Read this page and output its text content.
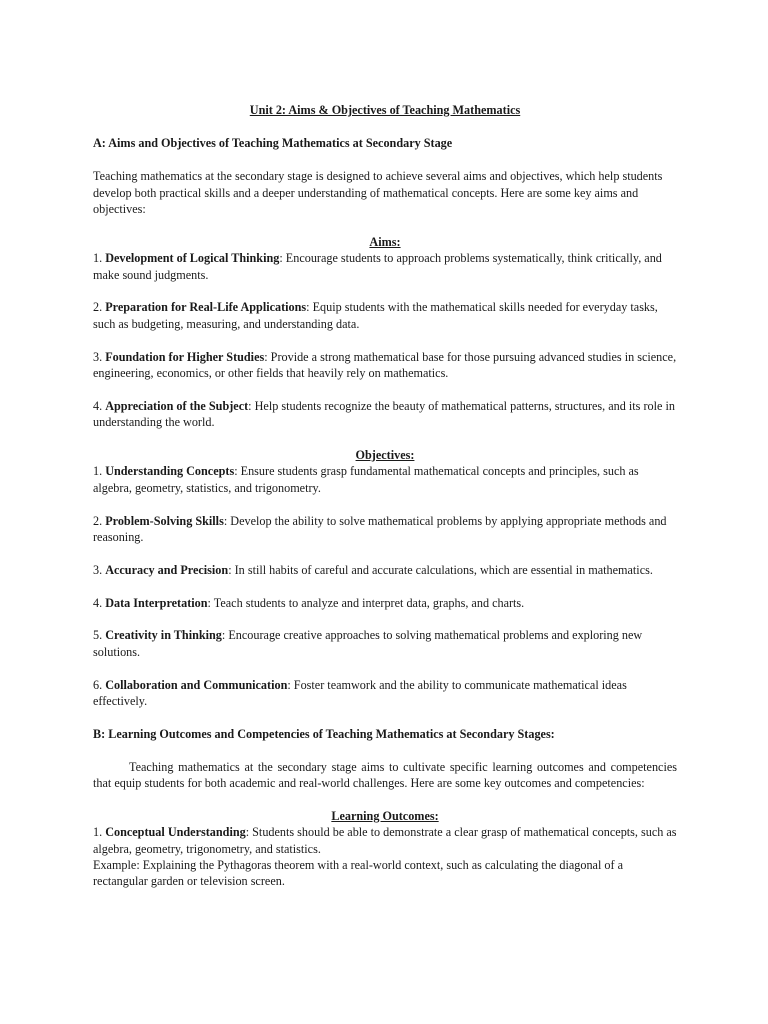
Unit 2: Aims & Objectives of Teaching Mathematics

A: Aims and Objectives of Teaching Mathematics at Secondary Stage

Teaching mathematics at the secondary stage is designed to achieve several aims and objectives, which help students develop both practical skills and a deeper understanding of mathematical concepts. Here are some key aims and objectives:

Aims:

1. Development of Logical Thinking: Encourage students to approach problems systematically, think critically, and make sound judgments.

2. Preparation for Real-Life Applications: Equip students with the mathematical skills needed for everyday tasks, such as budgeting, measuring, and understanding data.

3. Foundation for Higher Studies: Provide a strong mathematical base for those pursuing advanced studies in science, engineering, economics, or other fields that heavily rely on mathematics.

4. Appreciation of the Subject: Help students recognize the beauty of mathematical patterns, structures, and its role in understanding the world.

Objectives:

1. Understanding Concepts: Ensure students grasp fundamental mathematical concepts and principles, such as algebra, geometry, statistics, and trigonometry.

2. Problem-Solving Skills: Develop the ability to solve mathematical problems by applying appropriate methods and reasoning.

3. Accuracy and Precision: In still habits of careful and accurate calculations, which are essential in mathematics.

4. Data Interpretation: Teach students to analyze and interpret data, graphs, and charts.

5. Creativity in Thinking: Encourage creative approaches to solving mathematical problems and exploring new solutions.

6. Collaboration and Communication: Foster teamwork and the ability to communicate mathematical ideas effectively.

B: Learning Outcomes and Competencies of Teaching Mathematics at Secondary Stages:

Teaching mathematics at the secondary stage aims to cultivate specific learning outcomes and competencies that equip students for both academic and real-world challenges. Here are some key outcomes and competencies:

Learning Outcomes:

1. Conceptual Understanding: Students should be able to demonstrate a clear grasp of mathematical concepts, such as algebra, geometry, trigonometry, and statistics.

Example: Explaining the Pythagoras theorem with a real-world context, such as calculating the diagonal of a rectangular garden or television screen.
